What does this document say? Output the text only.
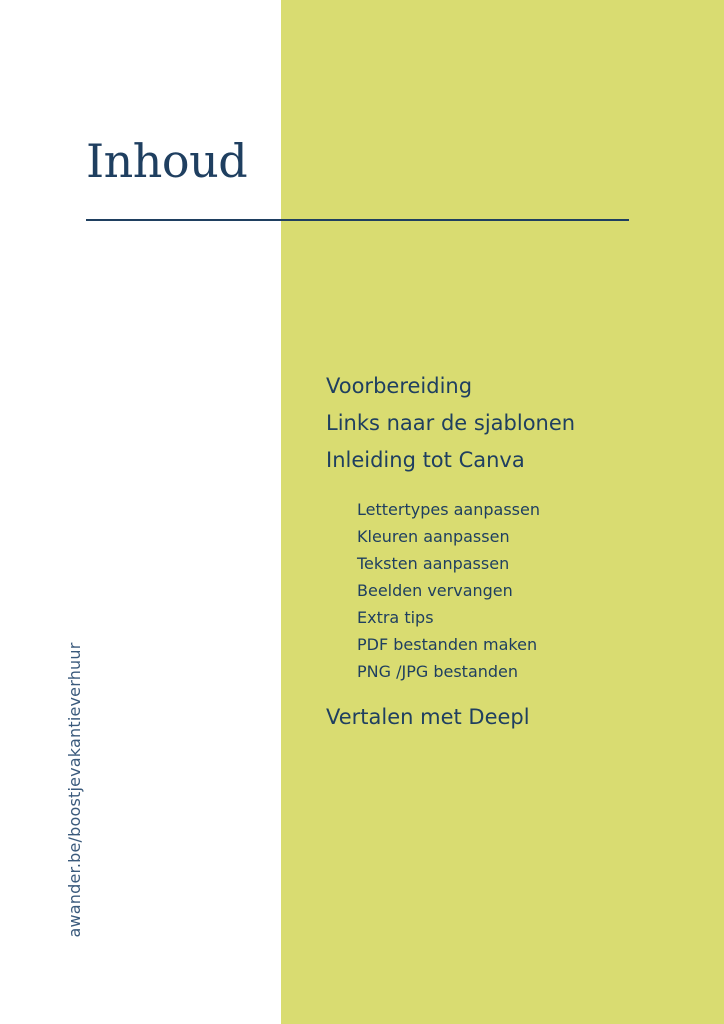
Inhoud
Voorbereiding
Links naar de sjablonen
Inleiding tot Canva
Lettertypes aanpassen
Kleuren aanpassen
Teksten aanpassen
Beelden vervangen
Extra tips
PDF bestanden maken
PNG /JPG bestanden
Vertalen met Deepl
awander.be/boostjevakantieverhuur
